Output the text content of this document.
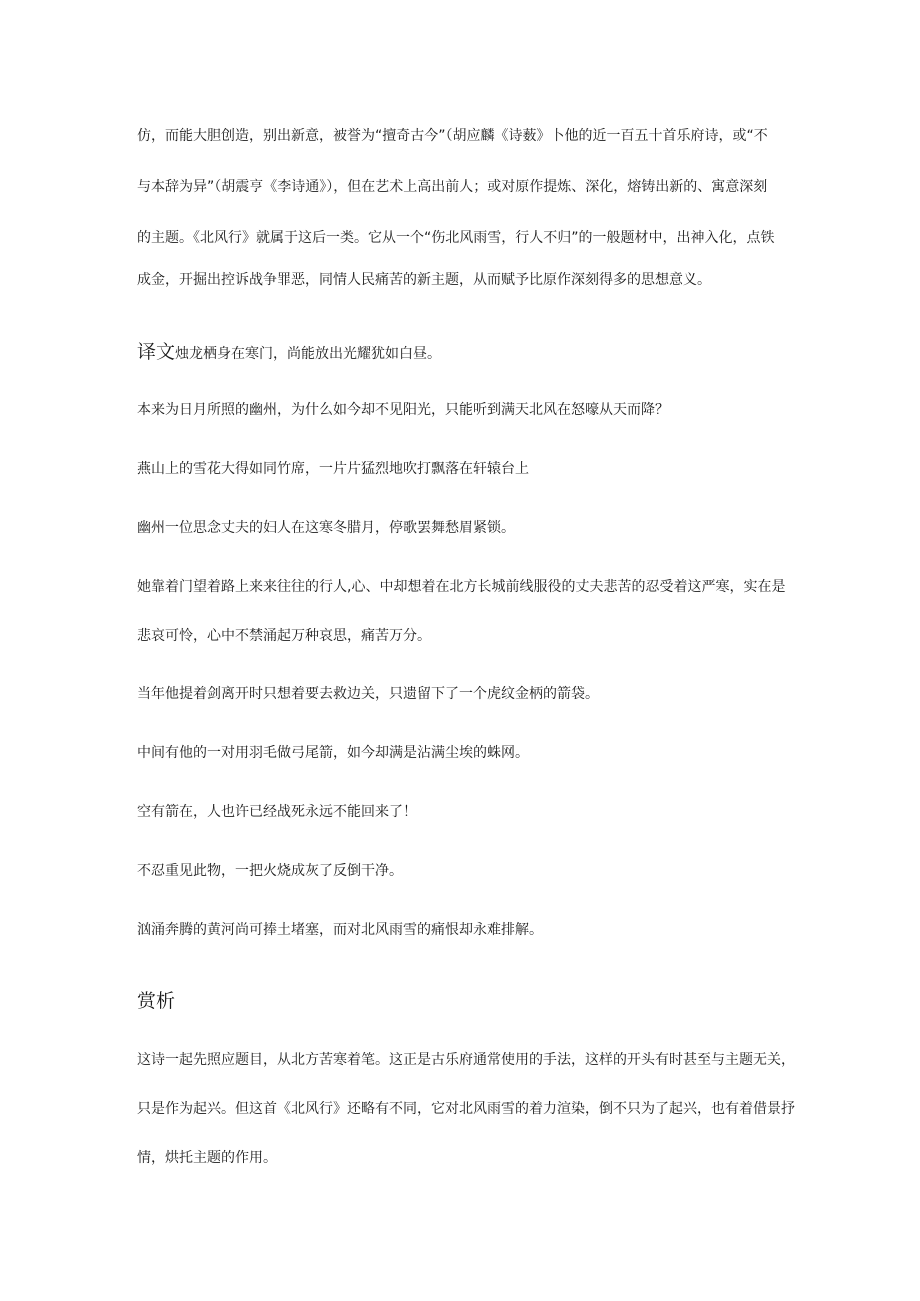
仿，而能大胆创造，别出新意，被誉为“擅奇古今”（胡应麟《诗薮》卜他的近一百五十首乐府诗，或“不
与本辞为异”（胡震亨《李诗通》），但在艺术上高出前人；或对原作提炼、深化，熔铸出新的、寓意深刻
的主题。《北风行》就属于这后一类。它从一个“伤北风雨雪，行人不归”的一般题材中，出神入化，点铁
成金，开掘出控诉战争罪恶，同情人民痛苦的新主题，从而赋予比原作深刻得多的思想意义。
译文烛龙栖身在寒门，尚能放出光耀犹如白昼。
本来为日月所照的幽州，为什么如今却不见阳光，只能听到满天北风在怒嚎从天而降？
燕山上的雪花大得如同竹席，一片片猛烈地吹打飘落在轩辕台上
幽州一位思念丈夫的妇人在这寒冬腊月，停歌罢舞愁眉紧锁。
她靠着门望着路上来来往往的行人,心、中却想着在北方长城前线服役的丈夫悲苦的忍受着这严寒，实在是
悲哀可怜，心中不禁涌起万种哀思，痛苦万分。
当年他提着剑离开时只想着要去救边关，只遗留下了一个虎纹金柄的箭袋。
中间有他的一对用羽毛做弓尾箭，如今却满是沾满尘埃的蛛网。
空有箭在，人也许已经战死永远不能回来了！
不忍重见此物，一把火烧成灰了反倒干净。
汹涌奔腾的黄河尚可捧土堵塞，而对北风雨雪的痛恨却永难排解。
赏析
这诗一起先照应题目，从北方苦寒着笔。这正是古乐府通常使用的手法，这样的开头有时甚至与主题无关，
只是作为起兴。但这首《北风行》还略有不同，它对北风雨雪的着力渲染，倒不只为了起兴，也有着借景抒
情，烘托主题的作用。
